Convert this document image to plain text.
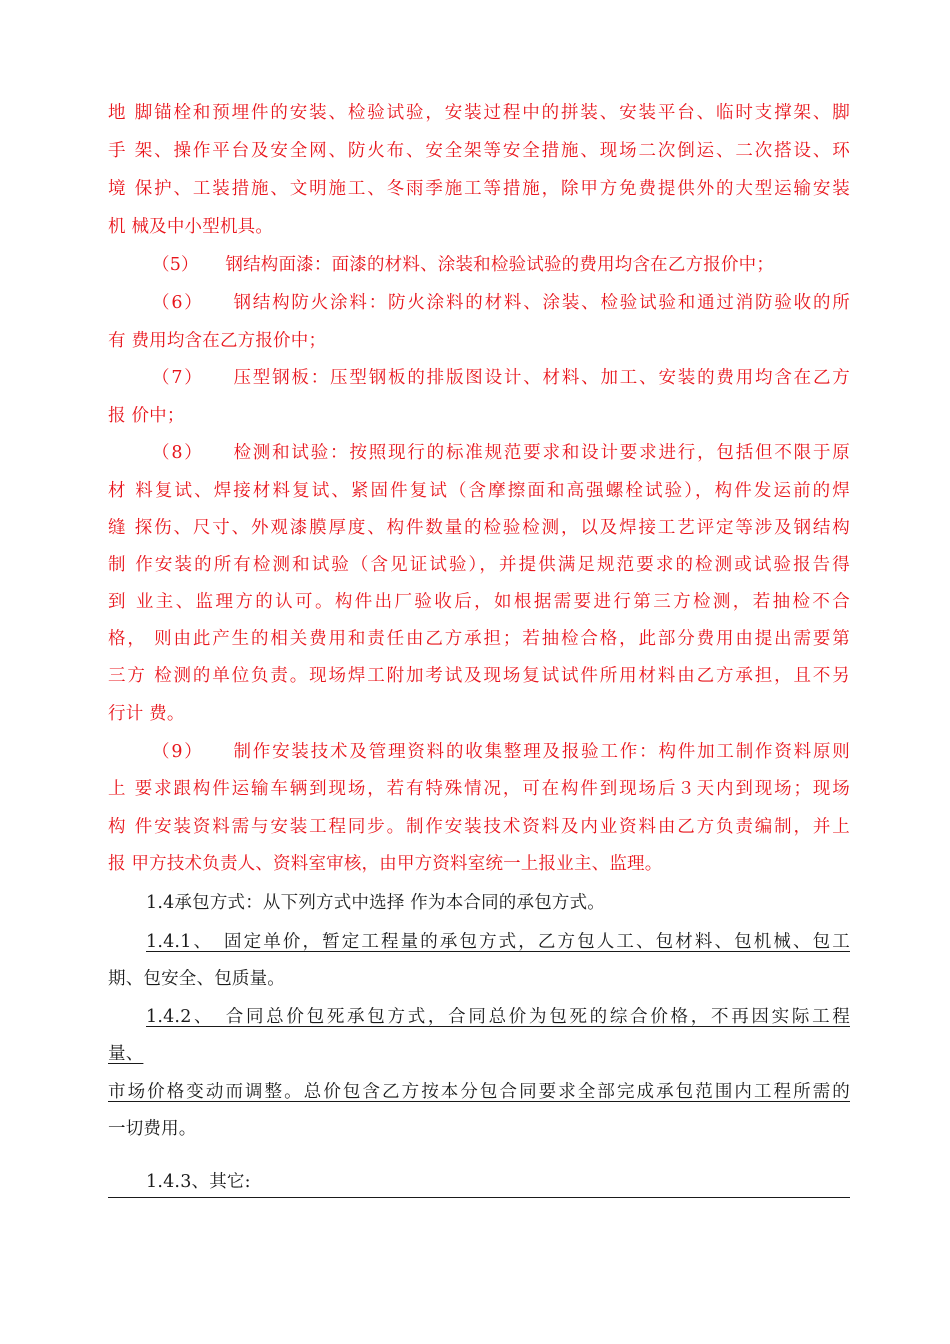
地 脚锚栓和预埋件的安装、检验试验，安装过程中的拼装、安装平台、临时支撑架、脚
手 架、操作平台及安全网、防火布、安全架等安全措施、现场二次倒运、二次搭设、环
境 保护、工装措施、文明施工、冬雨季施工等措施，除甲方免费提供外的大型运输安装
机 械及中小型机具。
（5）　　钢结构面漆：面漆的材料、涂装和检验试验的费用均含在乙方报价中；
（6）　　钢结构防火涂料：防火涂料的材料、涂装、检验试验和通过消防验收的所
有 费用均含在乙方报价中；
（7）　　压型钢板：压型钢板的排版图设计、材料、加工、安装的费用均含在乙方
报 价中；
（8）　　检测和试验：按照现行的标准规范要求和设计要求进行，包括但不限于原
材 料复试、焊接材料复试、紧固件复试（含摩擦面和高强螺栓试验），构件发运前的焊
缝 探伤、尺寸、外观漆膜厚度、构件数量的检验检测，以及焊接工艺评定等涉及钢结构
制 作安装的所有检测和试验（含见证试验），并提供满足规范要求的检测或试验报告得
到 业主、监理方的认可。构件出厂验收后，如根据需要进行第三方检测，若抽检不合
格， 则由此产生的相关费用和责任由乙方承担；若抽检合格，此部分费用由提出需要第
三方 检测的单位负责。现场焊工附加考试及现场复试试件所用材料由乙方承担，且不另
行计 费。
（9）　　制作安装技术及管理资料的收集整理及报验工作：构件加工制作资料原则
上 要求跟构件运输车辆到现场，若有特殊情况，可在构件到现场后３天内到现场；现场
构 件安装资料需与安装工程同步。制作安装技术资料及内业资料由乙方负责编制，并上
报 甲方技术负责人、资料室审核，由甲方资料室统一上报业主、监理。
1.4承包方式：从下列方式中选择 作为本合同的承包方式。
1.4.1、　固定单价，暂定工程量的承包方式，乙方包人工、包材料、包机械、包工
期、包安全、包质量。
1.4.2、　合同总价包死承包方式，合同总价为包死的综合价格，不再因实际工程
量、
市场价格变动而调整。总价包含乙方按本分包合同要求全部完成承包范围内工程所需的
一切费用。
1.4.3、其它:
